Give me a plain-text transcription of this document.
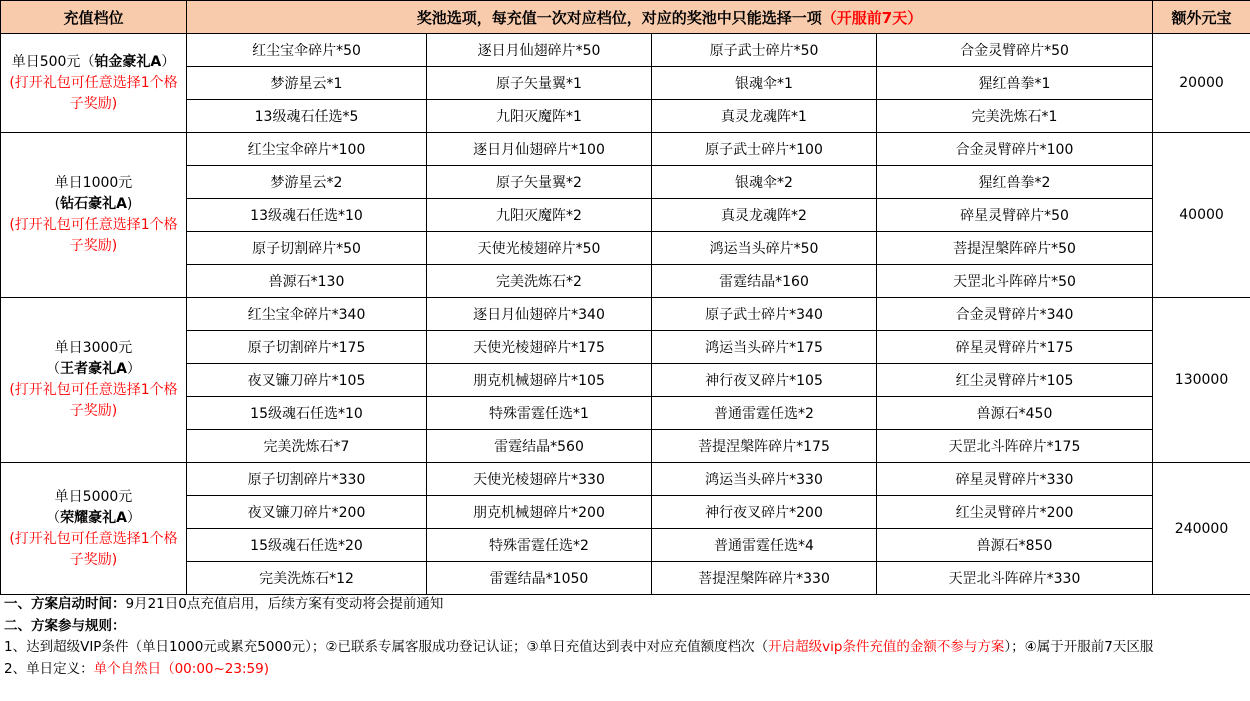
充值档位	奖池选项，每充值一次对应档位，对应的奖池中只能选择一项（开服前7天）				额外元宝

单日500元（铂金豪礼A）
(打开礼包可任意选择1个格子奖励)	红尘宝伞碎片*50	逐日月仙翅碎片*50	原子武士碎片*50	合金灵臂碎片*50	20000
	梦游星云*1	原子矢量翼*1	银魂伞*1	猩红兽拳*1	
	13级魂石任选*5	九阳灭魔阵*1	真灵龙魂阵*1	完美洗炼石*1	

单日1000元
(钻石豪礼A)
(打开礼包可任意选择1个格子奖励)	红尘宝伞碎片*100	逐日月仙翅碎片*100	原子武士碎片*100	合金灵臂碎片*100	40000
	梦游星云*2	原子矢量翼*2	银魂伞*2	猩红兽拳*2	
	13级魂石任选*10	九阳灭魔阵*2	真灵龙魂阵*2	碎星灵臂碎片*50	
	原子切割碎片*50	天使光棱翅碎片*50	鸿运当头碎片*50	菩提涅槃阵碎片*50	
	兽源石*130	完美洗炼石*2	雷霆结晶*160	天罡北斗阵碎片*50	

单日3000元
（王者豪礼A）
(打开礼包可任意选择1个格子奖励)	红尘宝伞碎片*340	逐日月仙翅碎片*340	原子武士碎片*340	合金灵臂碎片*340	130000
	原子切割碎片*175	天使光棱翅碎片*175	鸿运当头碎片*175	碎星灵臂碎片*175	
	夜叉镰刀碎片*105	朋克机械翅碎片*105	神行夜叉碎片*105	红尘灵臂碎片*105	
	15级魂石任选*10	特殊雷霆任选*1	普通雷霆任选*2	兽源石*450	
	完美洗炼石*7	雷霆结晶*560	菩提涅槃阵碎片*175	天罡北斗阵碎片*175	

单日5000元
（荣耀豪礼A）
(打开礼包可任意选择1个格子奖励)	原子切割碎片*330	天使光棱翅碎片*330	鸿运当头碎片*330	碎星灵臂碎片*330	240000
	夜叉镰刀碎片*200	朋克机械翅碎片*200	神行夜叉碎片*200	红尘灵臂碎片*200	
	15级魂石任选*20	特殊雷霆任选*2	普通雷霆任选*4	兽源石*850	
	完美洗炼石*12	雷霆结晶*1050	菩提涅槃阵碎片*330	天罡北斗阵碎片*330	

一、方案启动时间：9月21日0点充值启用，后续方案有变动将会提前通知

二、方案参与规则：

1、达到超级VIP条件（单日1000元或累充5000元）；②已联系专属客服成功登记认证；③单日充值达到表中对应充值额度档次（开启超级vip条件充值的金额不参与方案）；④属于开服前7天区服

2、单日定义：单个自然日（00:00~23:59)
